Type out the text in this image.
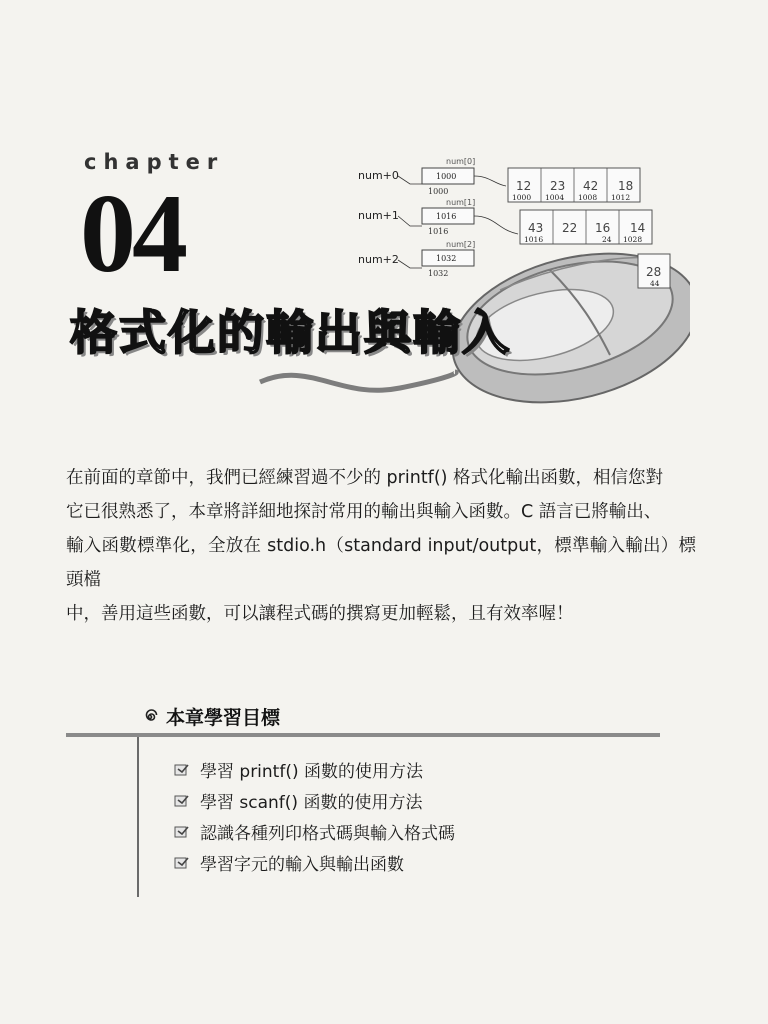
chapter
04
num[0]
num+0	1000
1000
num[1]
num+1	1016
1016
num[2]
num+2	1032
1032
12 23 42 18
1000 1004 1008 1012
43 22 16 14
1016	24 1028
28
44
格式化的輸出與輸入
在前面的章節中，我們已經練習過不少的 printf() 格式化輸出函數，相信您對
它已很熟悉了，本章將詳細地探討常用的輸出與輸入函數。C 語言已將輸出、
輸入函數標準化，全放在 stdio.h（standard input/output，標準輸入輸出）標頭檔
中，善用這些函數，可以讓程式碼的撰寫更加輕鬆，且有效率喔！
本章學習目標
學習 printf() 函數的使用方法
學習 scanf() 函數的使用方法
認識各種列印格式碼與輸入格式碼
學習字元的輸入與輸出函數
